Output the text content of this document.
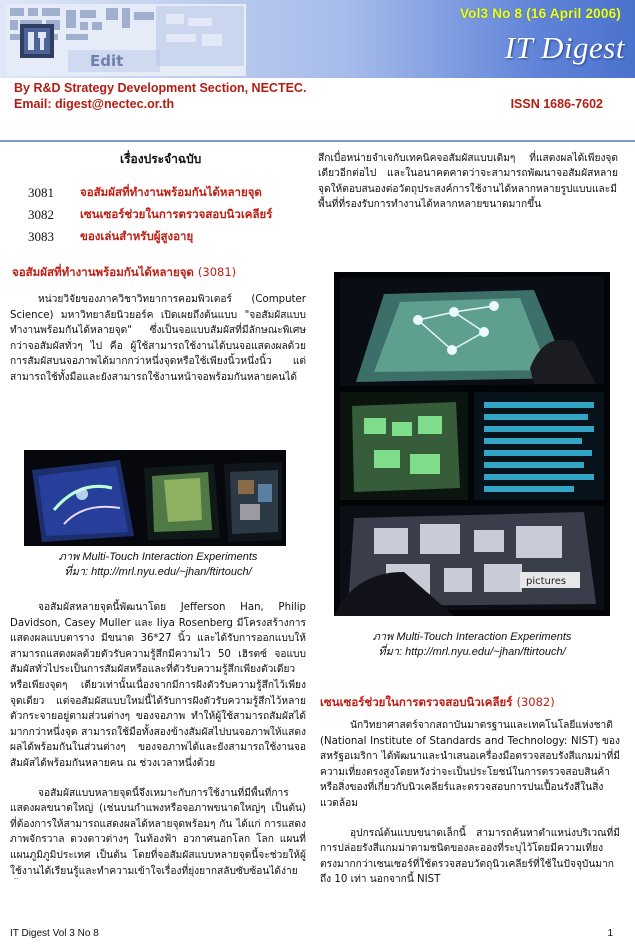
Edit
Vol3 No 8 (16 April 2006)
IT Digest
By R&D Strategy Development Section, NECTEC.
Email: digest@nectec.or.th	ISSN 1686-7602
เรื่องประจำฉบับ
3081	จอสัมผัสที่ทำงานพร้อมกันได้หลายจุด
3082	เซนเซอร์ช่วยในการตรวจสอบนิวเคลียร์
3083	ของเล่นสำหรับผู้สูงอายุ
จอสัมผัสที่ทำงานพร้อมกันได้หลายจุด (3081)

หน่วยวิจัยของภาควิชาวิทยาการคอมพิวเตอร์ (Computer Science) มหาวิทยาลัยนิวยอร์ค เปิดเผยถึงต้นแบบ "จอสัมผัสแบบทำงานพร้อมกันได้หลายจุด" ซึ่งเป็นจอแบบสัมผัสที่มีลักษณะพิเศษกว่าจอสัมผัสทั่วๆ ไป คือ ผู้ใช้สามารถใช้งานได้บนจอแสดงผลด้วยการสัมผัสบนจอภาพได้มากกว่าหนึ่งจุดหรือใช้เพียงนิ้วหนึ่งนิ้ว แต่สามารถใช้ทั้งมือและยังสามารถใช้งานหน้าจอพร้อมกันหลายคนได้

ภาพ Multi-Touch Interaction Experiments
ที่มา: http://mrl.nyu.edu/~jhan/ftirtouch/

จอสัมผัสหลายจุดนี้พัฒนาโดย Jefferson Han, Philip Davidson, Casey Muller และ Iiya Rosenberg มีโครงสร้างการแสดงผลแบบตาราง มีขนาด 36*27 นิ้ว และได้รับการออกแบบให้สามารถแสดงผลด้วยตัวรับความรู้สึกมีความไว 50 เฮิรตซ์ จอแบบสัมผัสทั่วไประเป็นการสัมผัสหรือและที่ตัวรับความรู้สึกเพียงตัวเดียวหรือเพียงจุดๆ เดียวเท่านั้นเนื่องจากมีการฝังตัวรับความรู้สึกไว้เพียงจุดเดียว แต่จอสัมผัสแบบใหม่นี้ได้รับการฝังตัวรับความรู้สึกไว้หลายตัวกระจายอยู่ตามส่วนต่างๆ ของจอภาพ ทำให้ผู้ใช้สามารถสัมผัสได้มากกว่าหนึ่งจุด สามารถใช้มือทั้งสองข้างสัมผัสไปบนจอภาพให้แสดงผลได้พร้อมกันในส่วนต่างๆ ของจอภาพได้และยังสามารถใช้งานจอสัมผัสได้พร้อมกันหลายคน ณ ช่วงเวลาหนึ่งด้วย

จอสัมผัสแบบหลายจุดนี้จึงเหมาะกับการใช้งานที่มีพื้นที่การแสดงผลขนาดใหญ่ (เช่นบนกำแพงหรือจอภาพขนาดใหญ่ๆ เป็นต้น) ที่ต้องการให้สามารถแสดงผลได้หลายจุดพร้อมๆ กัน ได้แก่ การแสดงภาพจักรวาล ดวงดาวต่างๆ ในท้องฟ้า อวกาศนอกโลก โลก แผนที่ แผนภูมิภูมิประเทศ เป็นต้น โดยที่จอสัมผัสแบบหลายจุดนี้จะช่วยให้ผู้ใช้งานได้เรียนรู้และทำความเข้าใจเรื่องที่ยุ่งยากสลับซับซ้อนได้ง่าย

สึกเบื่อหน่ายจำเจกับเทคนิคจอสัมผัสแบบเดิมๆ ที่แสดงผลได้เพียงจุดเดียวอีกต่อไป และในอนาคตคาดว่าจะสามารถพัฒนาจอสัมผัสหลายจุดให้ตอบสนองต่อวัตถุประสงค์การใช้งานได้หลากหลายรูปแบบและมีพื้นที่ที่รองรับการทำงานได้หลากหลายขนาดมากขึ้น

pictures
ภาพ Multi-Touch Interaction Experiments
ที่มา: http://mrl.nyu.edu/~jhan/ftirtouch/
เซนเซอร์ช่วยในการตรวจสอบนิวเคลียร์ (3082)

นักวิทยาศาสตร์จากสถาบันมาตรฐานและเทคโนโลยีแห่งชาติ (National Institute of Standards and Technology: NIST) ของสหรัฐอเมริกา ได้พัฒนาและนำเสนอเครื่องมือตรวจสอบรังสีแกมม่าที่มีความเที่ยงตรงสูงโดยหวังว่าจะเป็นประโยชน์ในการตรวจสอบสินค้าหรือสิ่งของที่เกี่ยวกับนิวเคลียร์และตรวจสอบการปนเปื้อนรังสีในสิ่งแวดล้อม

อุปกรณ์ต้นแบบขนาดเล็กนี้ สามารถค้นหาตำแหน่งบริเวณที่มีการปล่อยรังสีแกมม่าตามชนิดของละอองที่ระบุไว้โดยมีความเที่ยงตรงมากกว่าเซนเซอร์ที่ใช้ตรวจสอบวัตถุนิวเคลียร์ที่ใช้ในปัจจุบันมากถึง 10 เท่า นอกจากนี้ NIST

IT Digest Vol 3 No 8	1
